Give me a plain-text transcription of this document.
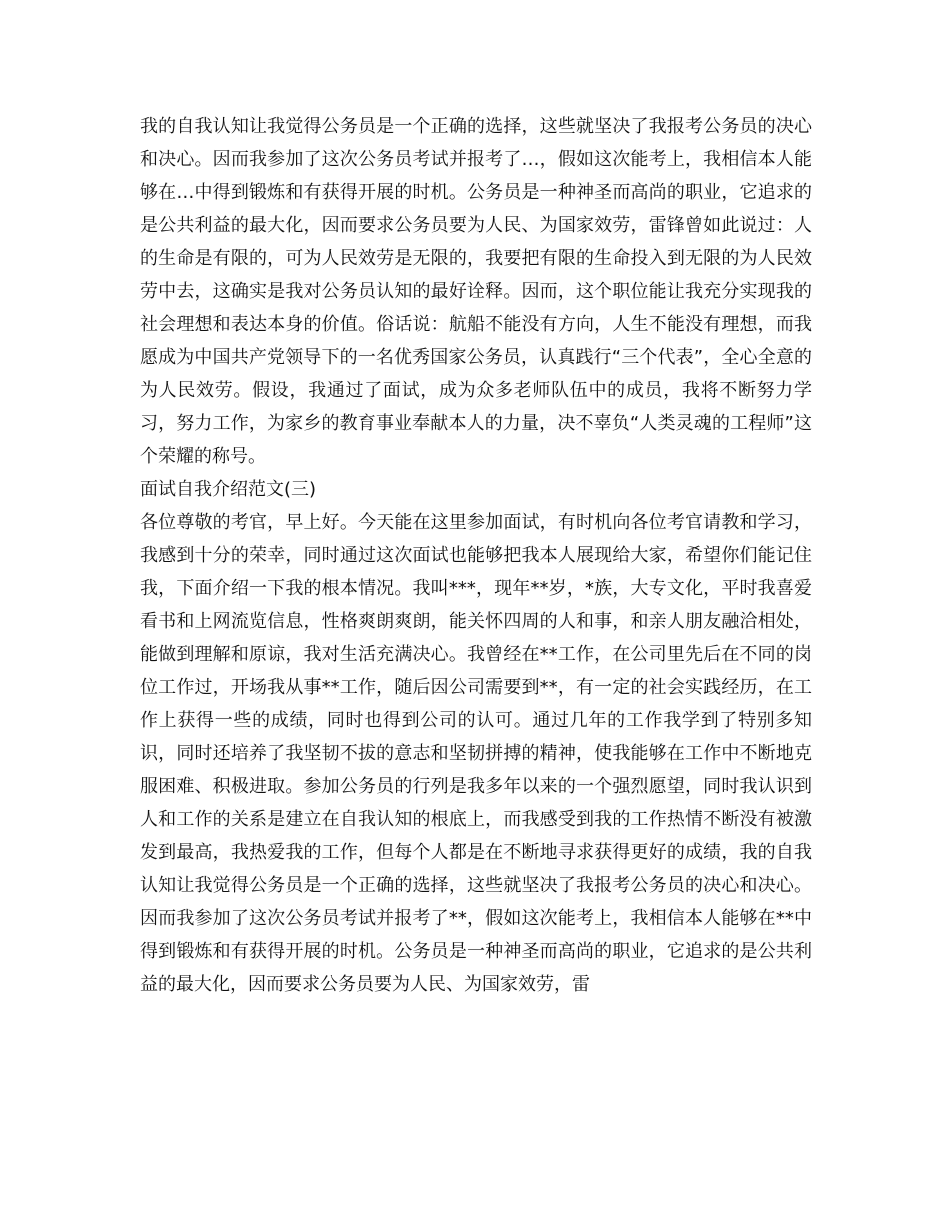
我的自我认知让我觉得公务员是一个正确的选择，这些就坚决了我报考公务员的决心和决心。因而我参加了这次公务员考试并报考了…，假如这次能考上，我相信本人能够在…中得到锻炼和有获得开展的时机。公务员是一种神圣而高尚的职业，它追求的是公共利益的最大化，因而要求公务员要为人民、为国家效劳，雷锋曾如此说过：人的生命是有限的，可为人民效劳是无限的，我要把有限的生命投入到无限的为人民效劳中去，这确实是我对公务员认知的最好诠释。因而，这个职位能让我充分实现我的社会理想和表达本身的价值。俗话说：航船不能没有方向，人生不能没有理想，而我愿成为中国共产党领导下的一名优秀国家公务员，认真践行“三个代表”，全心全意的为人民效劳。假设，我通过了面试，成为众多老师队伍中的成员，我将不断努力学习，努力工作，为家乡的教育事业奉献本人的力量，决不辜负“人类灵魂的工程师”这个荣耀的称号。

面试自我介绍范文(三)

各位尊敬的考官，早上好。今天能在这里参加面试，有时机向各位考官请教和学习，我感到十分的荣幸，同时通过这次面试也能够把我本人展现给大家，希望你们能记住我，下面介绍一下我的根本情况。我叫***，现年**岁，*族，大专文化，平时我喜爱看书和上网流览信息，性格爽朗爽朗，能关怀四周的人和事，和亲人朋友融洽相处，能做到理解和原谅，我对生活充满决心。我曾经在**工作，在公司里先后在不同的岗位工作过，开场我从事**工作，随后因公司需要到**，有一定的社会实践经历，在工作上获得一些的成绩，同时也得到公司的认可。通过几年的工作我学到了特别多知识，同时还培养了我坚韧不拔的意志和坚韧拼搏的精神，使我能够在工作中不断地克服困难、积极进取。参加公务员的行列是我多年以来的一个强烈愿望，同时我认识到人和工作的关系是建立在自我认知的根底上，而我感受到我的工作热情不断没有被激发到最高，我热爱我的工作，但每个人都是在不断地寻求获得更好的成绩，我的自我认知让我觉得公务员是一个正确的选择，这些就坚决了我报考公务员的决心和决心。因而我参加了这次公务员考试并报考了**，假如这次能考上，我相信本人能够在**中得到锻炼和有获得开展的时机。公务员是一种神圣而高尚的职业，它追求的是公共利益的最大化，因而要求公务员要为人民、为国家效劳，雷
